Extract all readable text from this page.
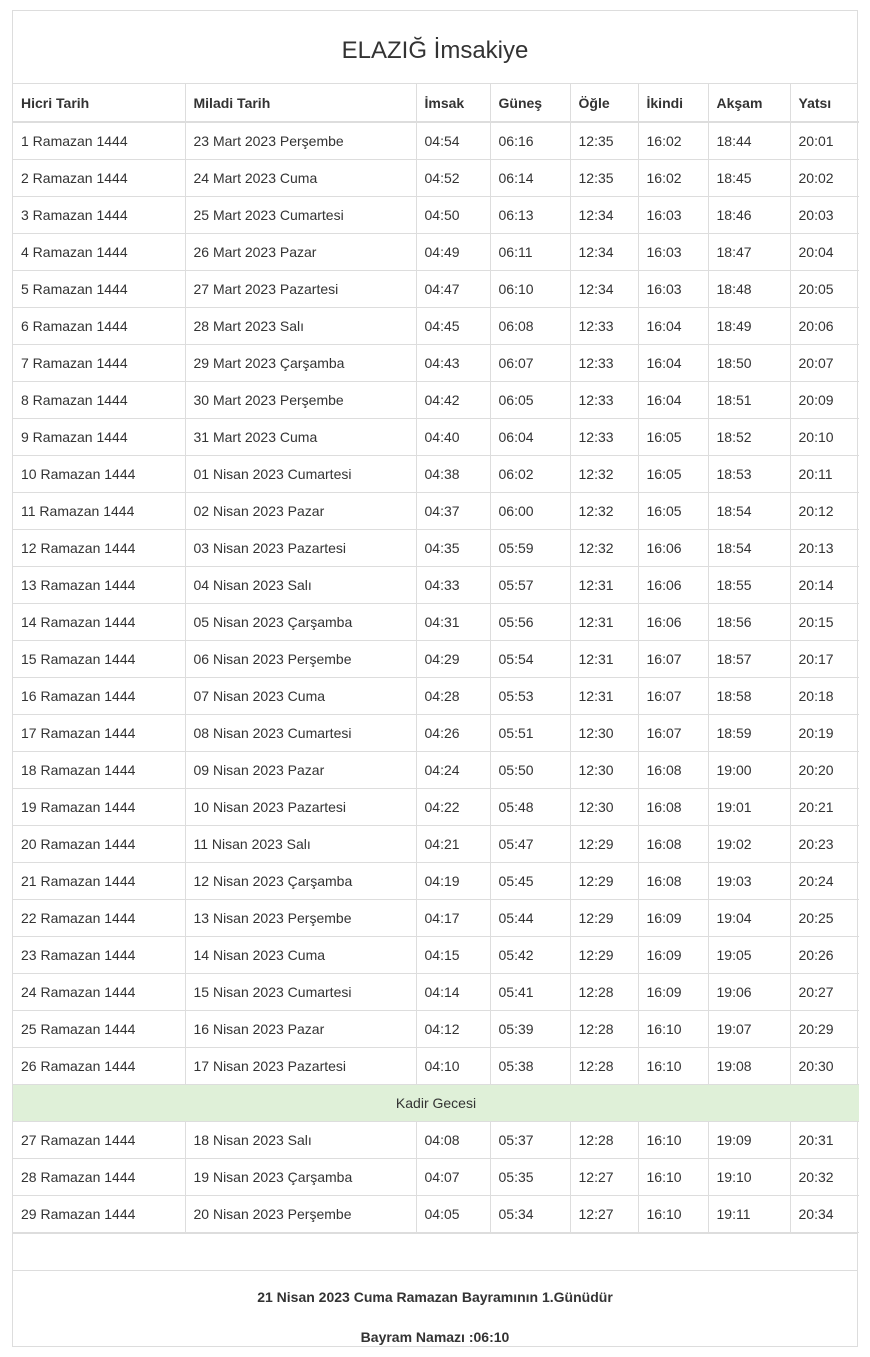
ELAZIĞ İmsakiye
Hicri Tarih	Miladi Tarih	İmsak	Güneş	Öğle	İkindi	Akşam	Yatsı
1 Ramazan 1444	23 Mart 2023 Perşembe	04:54	06:16	12:35	16:02	18:44	20:01
2 Ramazan 1444	24 Mart 2023 Cuma	04:52	06:14	12:35	16:02	18:45	20:02
3 Ramazan 1444	25 Mart 2023 Cumartesi	04:50	06:13	12:34	16:03	18:46	20:03
4 Ramazan 1444	26 Mart 2023 Pazar	04:49	06:11	12:34	16:03	18:47	20:04
5 Ramazan 1444	27 Mart 2023 Pazartesi	04:47	06:10	12:34	16:03	18:48	20:05
6 Ramazan 1444	28 Mart 2023 Salı	04:45	06:08	12:33	16:04	18:49	20:06
7 Ramazan 1444	29 Mart 2023 Çarşamba	04:43	06:07	12:33	16:04	18:50	20:07
8 Ramazan 1444	30 Mart 2023 Perşembe	04:42	06:05	12:33	16:04	18:51	20:09
9 Ramazan 1444	31 Mart 2023 Cuma	04:40	06:04	12:33	16:05	18:52	20:10
10 Ramazan 1444	01 Nisan 2023 Cumartesi	04:38	06:02	12:32	16:05	18:53	20:11
11 Ramazan 1444	02 Nisan 2023 Pazar	04:37	06:00	12:32	16:05	18:54	20:12
12 Ramazan 1444	03 Nisan 2023 Pazartesi	04:35	05:59	12:32	16:06	18:54	20:13
13 Ramazan 1444	04 Nisan 2023 Salı	04:33	05:57	12:31	16:06	18:55	20:14
14 Ramazan 1444	05 Nisan 2023 Çarşamba	04:31	05:56	12:31	16:06	18:56	20:15
15 Ramazan 1444	06 Nisan 2023 Perşembe	04:29	05:54	12:31	16:07	18:57	20:17
16 Ramazan 1444	07 Nisan 2023 Cuma	04:28	05:53	12:31	16:07	18:58	20:18
17 Ramazan 1444	08 Nisan 2023 Cumartesi	04:26	05:51	12:30	16:07	18:59	20:19
18 Ramazan 1444	09 Nisan 2023 Pazar	04:24	05:50	12:30	16:08	19:00	20:20
19 Ramazan 1444	10 Nisan 2023 Pazartesi	04:22	05:48	12:30	16:08	19:01	20:21
20 Ramazan 1444	11 Nisan 2023 Salı	04:21	05:47	12:29	16:08	19:02	20:23
21 Ramazan 1444	12 Nisan 2023 Çarşamba	04:19	05:45	12:29	16:08	19:03	20:24
22 Ramazan 1444	13 Nisan 2023 Perşembe	04:17	05:44	12:29	16:09	19:04	20:25
23 Ramazan 1444	14 Nisan 2023 Cuma	04:15	05:42	12:29	16:09	19:05	20:26
24 Ramazan 1444	15 Nisan 2023 Cumartesi	04:14	05:41	12:28	16:09	19:06	20:27
25 Ramazan 1444	16 Nisan 2023 Pazar	04:12	05:39	12:28	16:10	19:07	20:29
26 Ramazan 1444	17 Nisan 2023 Pazartesi	04:10	05:38	12:28	16:10	19:08	20:30
Kadir Gecesi							
27 Ramazan 1444	18 Nisan 2023 Salı	04:08	05:37	12:28	16:10	19:09	20:31
28 Ramazan 1444	19 Nisan 2023 Çarşamba	04:07	05:35	12:27	16:10	19:10	20:32
29 Ramazan 1444	20 Nisan 2023 Perşembe	04:05	05:34	12:27	16:10	19:11	20:34
21 Nisan 2023 Cuma Ramazan Bayramının 1.Günüdür
Bayram Namazı :06:10
